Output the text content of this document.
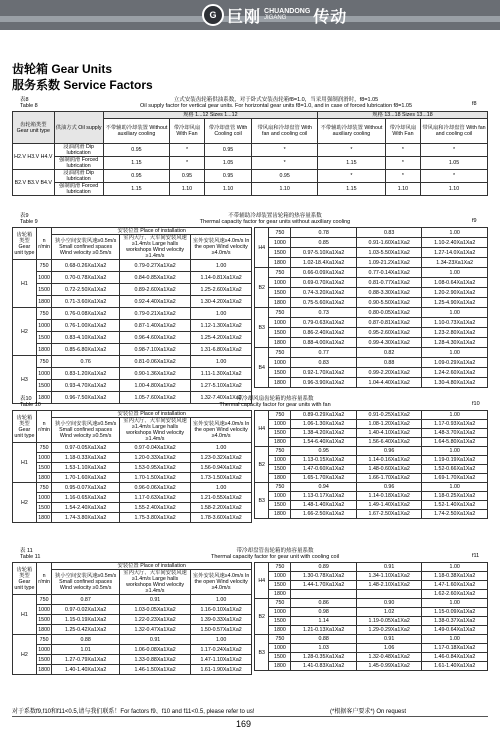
G 巨刚 CHUANDONG
JIGANG	传动
齿轮箱 Gear Units
服务系数 Service Factors
表8
Table 8
立式安装齿轮箱供油系数，对于卧式安装齿轮箱f8=1.0，当采用强制润滑时，f8=1.05
Oil supply factor for vertical gear units. For horizontal gear units f8=1.0, and in case of forced lubrication f8=1.05	f8
齿轮箱类型 Gear unit type	供油方式 Oil supply	规格 1...12 Sizes 1...12				规格 13...18 Sizes 13...18		
		不带辅助冷却装置 Without auxiliary cooling	带冷却风扇 With Fan	带冷却盘管 With Cooling coil	带风扇和冷却盘管 With fan and cooling coil	不带辅助冷却装置 Without auxiliary cooling	带冷却风扇 With Fan	带风扇和冷却盘管 With fan and cooling coil
H2.V H3.V H4.V	浸油润滑 Dip lubrication	0.95	*	0.95	*	*	*	*
	强制润滑 Forced lubrication	1.15	*	1.05	*	1.15	*	1.05
B2.V B3.V B4.V	浸油润滑 Dip lubrication	0.95	0.95	0.95	0.95	*	*	*
	强制润滑 Forced lubrication	1.15	1.10	1.10	1.10	1.15	1.10	1.10
表9
Table 9
不带辅助冷却装置齿轮箱的热容量系数
Thermal capacity factor for gear units without auxiliary cooling	f9
齿轮箱类型 Gear unit type	n r/min	安装位置 Place of installation		
		狭小空间安装风速≥0.5m/s Small confined spaces Wind velocity ≥0.5m/s	室内大厅、大车间安装风速≥1.4m/s Large halls workshops Wind velocity ≥1.4m/s	室外安装风速≥4.0m/s In the open Wind velocity ≥4.0m/s
H1	750	0.68-0.26Xa1Xa2	0.79-0.27Xa1Xa2	1.00
	1000	0.70-0.78Xa1Xa2	0.84-0.85Xa1Xa2	1.14-0.81Xa1Xa2
	1500	0.72-2.50Xa1Xa2	0.89-2.60Xa1Xa2	1.25-2.60Xa1Xa2
	1800	0.71-3.60Xa1Xa2	0.92-4.40Xa1Xa2	1.30-4.20Xa1Xa2
H2	750	0.76-0.08Xa1Xa2	0.79-0.21Xa1Xa2	1.00
	1000	0.76-1.00Xa1Xa2	0.87-1.40Xa1Xa2	1.12-1.30Xa1Xa2
	1500	0.83-4.10Xa1Xa2	0.96-4.60Xa1Xa2	1.25-4.20Xa1Xa2
	1800	0.85-6.80Xa1Xa2	0.98-7.10Xa1Xa2	1.31-6.80Xa1Xa2
H3	750	0.76	0.81-0.06Xa1Xa2	1.00
	1000	0.83-1.20Xa1Xa2	0.90-1.36Xa1Xa2	1.11-1.30Xa1Xa2
	1500	0.93-4.70Xa1Xa2	1.00-4.80Xa1Xa2	1.27-5.10Xa1Xa2
	1800	0.96-7.50Xa1Xa2	1.05-7.60Xa1Xa2	1.32-7.40Xa1Xa2
H4	750	0.78	0.83	1.00
	1000	0.85	0.91-1.60Xa1Xa2	1.10-2.40Xa1Xa2
	1500	0.97-5.10Xa1Xa2	1.03-5.50Xa1Xa2	1.27-14.0Xa1Xa2
	1800	1.02-18.4Xa1Xa2	1.09-21.2Xa1Xa2	1.34-23Xa1Xa2
B2	750	0.66-0.09Xa1Xa2	0.77-0.14Xa1Xa2	1.00
	1000	0.69-0.70Xa1Xa2	0.81-0.77Xa1Xa2	1.08-0.64Xa1Xa2
	1500	0.74-3.20Xa1Xa2	0.88-3.30Xa1Xa2	1.20-2.90Xa1Xa2
	1800	0.75-5.60Xa1Xa2	0.90-5.50Xa1Xa2	1.25-4.90Xa1Xa2
B3	750	0.73	0.80-0.05Xa1Xa2	1.00
	1000	0.79-0.63Xa1Xa2	0.87-0.81Xa1Xa2	1.10-0.73Xa1Xa2
	1500	0.86-2.40Xa1Xa2	0.95-2.60Xa1Xa2	1.23-2.80Xa1Xa2
	1800	0.88-4.00Xa1Xa2	0.99-4.30Xa1Xa2	1.28-4.30Xa1Xa2
B4	750	0.77	0.82	1.00
	1000	0.83	0.88	1.09-0.29Xa1Xa2
	1500	0.92-1.70Xa1Xa2	0.99-2.20Xa1Xa2	1.24-2.60Xa1Xa2
	1800	0.96-3.90Xa1Xa2	1.04-4.40Xa1Xa2	1.30-4.80Xa1Xa2
表10
Table 10
带冷却风扇齿轮箱的热容量系数
Thermal capacity factor for gear units with fan	f10
齿轮箱类型 Gear unit type	n r/min	安装位置 Place of installation		
		狭小空间安装风速≥0.5m/s Small confined spaces Wind velocity ≥0.5m/s	室内大厅、大车间安装风速≥1.4m/s Large halls workshops Wind velocity ≥1.4m/s	室外安装风速≥4.0m/s In the open Wind velocity ≥4.0m/s
H1	750	0.97-0.05Xa1Xa2	0.97-0.04Xa1Xa2	1.00
	1000	1.18-0.33Xa1Xa2	1.20-0.33Xa1Xa2	1.23-0.32Xa1Xa2
	1500	1.53-1.10Xa1Xa2	1.53-0.95Xa1Xa2	1.56-0.94Xa1Xa2
	1800	1.70-1.60Xa1Xa2	1.70-1.50Xa1Xa2	1.73-1.50Xa1Xa2
H2	750	0.95-0.07Xa1Xa2	0.96-0.06Xa1Xa2	1.00
	1000	1.16-0.65Xa1Xa2	1.17-0.63Xa1Xa2	1.21-0.55Xa1Xa2
	1500	1.54-2.40Xa1Xa2	1.55-2.40Xa1Xa2	1.58-2.20Xa1Xa2
	1800	1.74-3.80Xa1Xa2	1.75-3.80Xa1Xa2	1.78-3.60Xa1Xa2
H4	750	0.89-0.29Xa1Xa2	0.91-0.25Xa1Xa2	1.00
	1000	1.06-1.30Xa1Xa2	1.08-1.20Xa1Xa2	1.17-0.93Xa1Xa2
	1500	1.38-4.20Xa1Xa2	1.40-4.10Xa1Xa2	1.48-3.70Xa1Xa2
	1800	1.54-6.40Xa1Xa2	1.56-6.40Xa1Xa2	1.64-5.80Xa1Xa2
B2	750	0.95	0.96	1.00
	1000	1.13-0.15Xa1Xa2	1.14-0.16Xa1Xa2	1.19-0.19Xa1Xa2
	1500	1.47-0.60Xa1Xa2	1.48-0.60Xa1Xa2	1.52-0.66Xa1Xa2
	1800	1.65-1.70Xa1Xa2	1.66-1.70Xa1Xa2	1.69-1.70Xa1Xa2
B3	750	0.94	0.96	1.00
	1000	1.13-0.17Xa1Xa2	1.14-0.18Xa1Xa2	1.18-0.25Xa1Xa2
	1500	1.48-1.40Xa1Xa2	1.49-1.40Xa1Xa2	1.52-1.40Xa1Xa2
	1800	1.66-2.50Xa1Xa2	1.67-2.50Xa1Xa2	1.74-2.50Xa1Xa2
表 11
Table 11
带冷却盘管齿轮箱的热容量系数
Thermal capacity factor for gear unit with cooling coil	f11
齿轮箱类型 Gear unit type	n r/min	安装位置 Place of installation		
		狭小空间安装风速≥0.5m/s Small confined spaces Wind velocity ≥0.5m/s	室内大厅、大车间安装风速≥1.4m/s Large halls workshops Wind velocity ≥1.4m/s	室外安装风速≥4.0m/s In the open Wind velocity ≥4.0m/s
H1	750	0.87	0.91	1.00
	1000	0.97-0.02Xa1Xa2	1.03-0.05Xa1Xa2	1.16-0.10Xa1Xa2
	1500	1.15-0.19Xa1Xa2	1.22-0.23Xa1Xa2	1.39-0.33Xa1Xa2
	1800	1.25-0.42Xa1Xa2	1.32-0.47Xa1Xa2	1.50-0.57Xa1Xa2
H2	750	0.88	0.91	1.00
	1000	1.01	1.06-0.08Xa1Xa2	1.17-0.24Xa1Xa2
	1500	1.27-0.79Xa1Xa2	1.33-0.88Xa1Xa2	1.47-1.10Xa1Xa2
	1800	1.40-1.40Xa1Xa2	1.46-1.50Xa1Xa2	1.61-1.90Xa1Xa2
H4	750	0.89	0.91	1.00
	1000	1.30-0.78Xa1Xa2	1.34-1.10Xa1Xa2	1.18-0.38Xa1Xa2
	1500	1.44-1.70Xa1Xa2	1.48-2.10Xa1Xa2	1.47-1.60Xa1Xa2
	1800			1.62-2.60Xa1Xa2
B2	750	0.86	0.90	1.00
	1000	0.98	1.02	1.15-0.09Xa1Xa2
	1500	1.14	1.19-0.05Xa1Xa2	1.38-0.37Xa1Xa2
	1800	1.21-0.13Xa1Xa2	1.29-0.29Xa1Xa2	1.49-0.64Xa1Xa2
B3	750	0.88	0.91	1.00
	1000	1.03	1.06	1.17-0.18Xa1Xa2
	1500	1.28-0.35Xa1Xa2	1.32-0.48Xa1Xa2	1.46-0.84Xa1Xa2
	1800	1.41-0.83Xa1Xa2	1.45-0.99Xa1Xa2	1.61-1.40Xa1Xa2
对于系数f9,f10和f11<0.5,请与我们联系！For factors f9、f10 and f11<0.5, please refer to us!	(*根据客户要求*) On request
169
